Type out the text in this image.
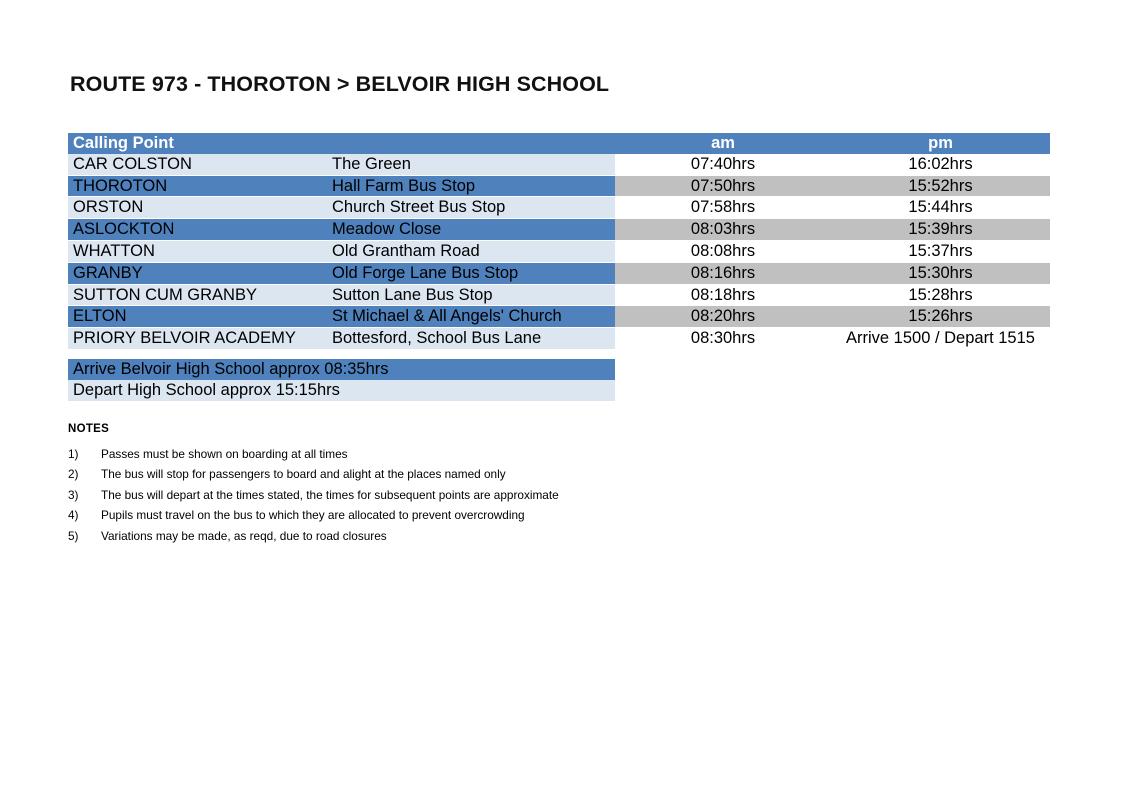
ROUTE 973 - THOROTON > BELVOIR HIGH SCHOOL
Calling Point		am	pm
CAR COLSTON	The Green	07:40hrs	16:02hrs
THOROTON	Hall Farm Bus Stop	07:50hrs	15:52hrs
ORSTON	Church Street Bus Stop	07:58hrs	15:44hrs
ASLOCKTON	Meadow Close	08:03hrs	15:39hrs
WHATTON	Old Grantham Road	08:08hrs	15:37hrs
GRANBY	Old Forge Lane Bus Stop	08:16hrs	15:30hrs
SUTTON CUM GRANBY	Sutton Lane Bus Stop	08:18hrs	15:28hrs
ELTON	St Michael & All Angels' Church	08:20hrs	15:26hrs
PRIORY BELVOIR ACADEMY	Bottesford, School Bus Lane	08:30hrs	Arrive 1500 / Depart 1515
Arrive Belvoir High School approx 08:35hrs
Depart High School approx 15:15hrs
NOTES
1)	Passes must be shown on boarding at all times
2)	The bus will stop for passengers to board and alight at the places named only
3)	The bus will depart at the times stated, the times for subsequent points are approximate
4)	Pupils must travel on the bus to which they are allocated to prevent overcrowding
5)	Variations may be made, as reqd, due to road closures
